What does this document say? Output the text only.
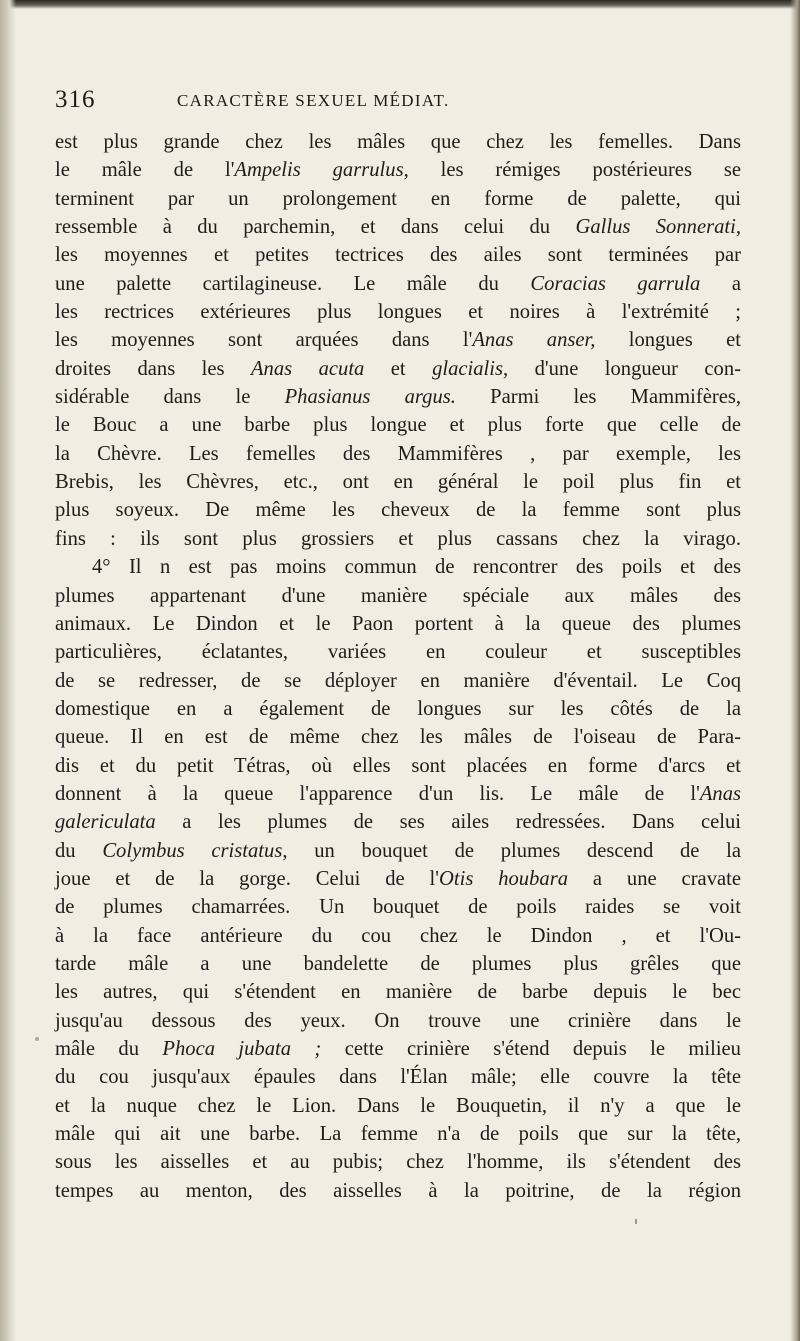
316	CARACTÈRE SEXUEL MÉDIAT.
est plus grande chez les mâles que chez les femelles. Dans
le mâle de l'Ampelis garrulus, les rémiges postérieures se
terminent par un prolongement en forme de palette, qui
ressemble à du parchemin, et dans celui du Gallus Sonnerati,
les moyennes et petites tectrices des ailes sont terminées par
une palette cartilagineuse. Le mâle du Coracias garrula a
les rectrices extérieures plus longues et noires à l'extrémité ;
les moyennes sont arquées dans l'Anas anser, longues et
droites dans les Anas acuta et glacialis, d'une longueur con-
sidérable dans le Phasianus argus. Parmi les Mammifères,
le Bouc a une barbe plus longue et plus forte que celle de
la Chèvre. Les femelles des Mammifères , par exemple, les
Brebis, les Chèvres, etc., ont en général le poil plus fin et
plus soyeux. De même les cheveux de la femme sont plus
fins : ils sont plus grossiers et plus cassans chez la virago.
4° Il n est pas moins commun de rencontrer des poils et des
plumes appartenant d'une manière spéciale aux mâles des
animaux. Le Dindon et le Paon portent à la queue des plumes
particulières, éclatantes, variées en couleur et susceptibles
de se redresser, de se déployer en manière d'éventail. Le Coq
domestique en a également de longues sur les côtés de la
queue. Il en est de même chez les mâles de l'oiseau de Para-
dis et du petit Tétras, où elles sont placées en forme d'arcs et
donnent à la queue l'apparence d'un lis. Le mâle de l'Anas
galericulata a les plumes de ses ailes redressées. Dans celui
du Colymbus cristatus, un bouquet de plumes descend de la
joue et de la gorge. Celui de l'Otis houbara a une cravate
de plumes chamarrées. Un bouquet de poils raides se voit
à la face antérieure du cou chez le Dindon , et l'Ou-
tarde mâle a une bandelette de plumes plus grêles que
les autres, qui s'étendent en manière de barbe depuis le bec
jusqu'au dessous des yeux. On trouve une crinière dans le
mâle du Phoca jubata ; cette crinière s'étend depuis le milieu
du cou jusqu'aux épaules dans l'Élan mâle; elle couvre la tête
et la nuque chez le Lion. Dans le Bouquetin, il n'y a que le
mâle qui ait une barbe. La femme n'a de poils que sur la tête,
sous les aisselles et au pubis; chez l'homme, ils s'étendent des
tempes au menton, des aisselles à la poitrine, de la région
